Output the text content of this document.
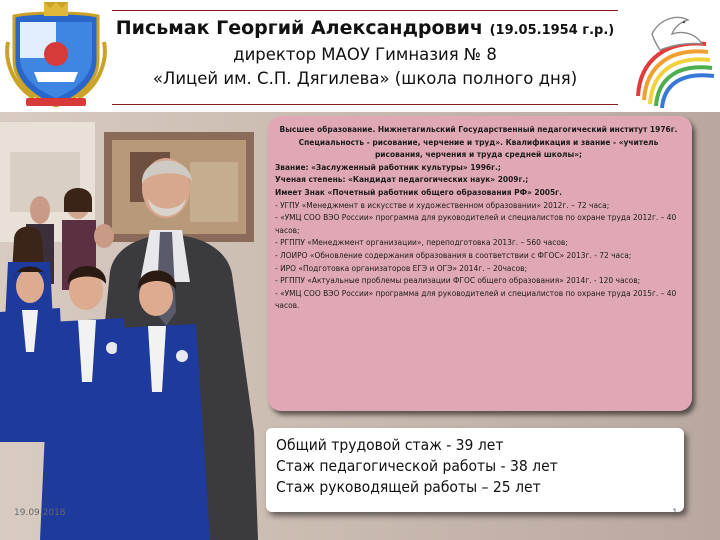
Письмак Георгий Александрович (19.05.1954 г.р.)
директор МАОУ Гимназия № 8
«Лицей им. С.П. Дягилева» (школа полного дня)

Высшее образование. Нижнетагильский Государственный педагогический институт 1976г. Специальность - рисование, черчение и труд». Квалификация и звание - «учитель рисования, черчения и труда средней школы»;

Звание: «Заслуженный работник культуры» 1996г.;

Ученая степень: «Кандидат педагогических наук» 2009г.;

Имеет Знак «Почетный работник общего образования РФ» 2005г.

- УГПУ «Менеджмент в искусстве и художественном образовании» 2012г. – 72 часа;

- «УМЦ СОО ВЭО России» программа для руководителей и специалистов по охране труда 2012г. – 40 часов;

- РГППУ «Менеджмент организации», переподготовка 2013г. – 560 часов;

- ЛОИРО «Обновление содержания образования в соответствии с ФГОС» 2013г. - 72 часа;

- ИРО «Подготовка организаторов ЕГЭ и ОГЭ» 2014г. – 20часов;

- РГППУ «Актуальные проблемы реализации ФГОС общего образования» 2014г. - 120 часов;

- «УМЦ СОО ВЭО России» программа для руководителей и специалистов по охране труда 2015г. – 40 часов.

Общий трудовой стаж - 39 лет

Стаж педагогической работы - 38 лет

Стаж руководящей работы – 25 лет

19.09.2018	1
